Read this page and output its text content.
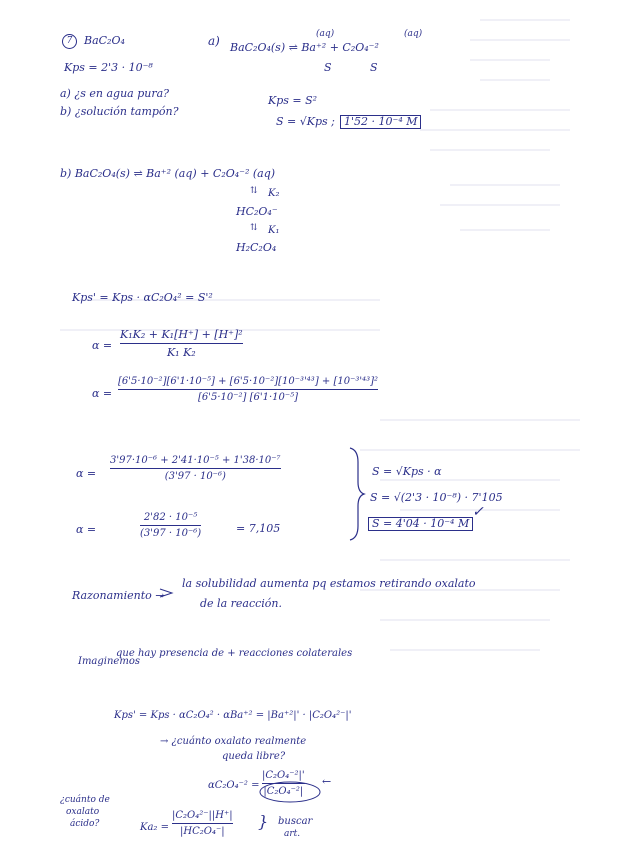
7	BaC₂O₄
Kps = 2'3 · 10⁻⁸
a) ¿s en agua pura?
b) ¿solución tampón?
a)	(aq)	(aq)
BaC₂O₄(s) ⇌ Ba⁺² + C₂O₄⁻²
S	S
Kps = S²
S = √Kps ; 1'52 · 10⁻⁴ M
b) BaC₂O₄(s) ⇌ Ba⁺² (aq) + C₂O₄⁻² (aq)
⇅ K₂
HC₂O₄⁻
⇅ K₁
H₂C₂O₄
Kps' = Kps · αC₂O₄² = S'²
α =
K₁K₂ + K₁[H⁺] + [H⁺]²
K₁ K₂
α =
[6'5·10⁻²][6'1·10⁻⁵] + [6'5·10⁻²][10⁻³'⁴³] + [10⁻³'⁴³]²
[6'5·10⁻²] [6'1·10⁻⁵]
α =
3'97·10⁻⁶ + 2'41·10⁻⁵ + 1'38·10⁻⁷
(3'97 · 10⁻⁶)
α =
2'82 · 10⁻⁵
(3'97 · 10⁻⁶)	= 7,105
S = √Kps · α
S = √(2'3 · 10⁻⁸) · 7'105
S = 4'04 · 10⁻⁴ M
✓
Razonamiento →
la solubilidad aumenta pq estamos retirando oxalato
de la reacción.
Imaginemos
que hay presencia de + reacciones colaterales
Kps' = Kps · αC₂O₄² · αBa⁺² = |Ba⁺²|' · |C₂O₄²⁻|'
→ ¿cuánto oxalato realmente
queda libre?
αC₂O₄⁻² =
|C₂O₄⁻²|'
|C₂O₄⁻²|
←
¿cuánto de
oxalato
ácido?	Ka₂ =
|C₂O₄²⁻||H⁺|
|HC₂O₄⁻|
} buscar
art.
